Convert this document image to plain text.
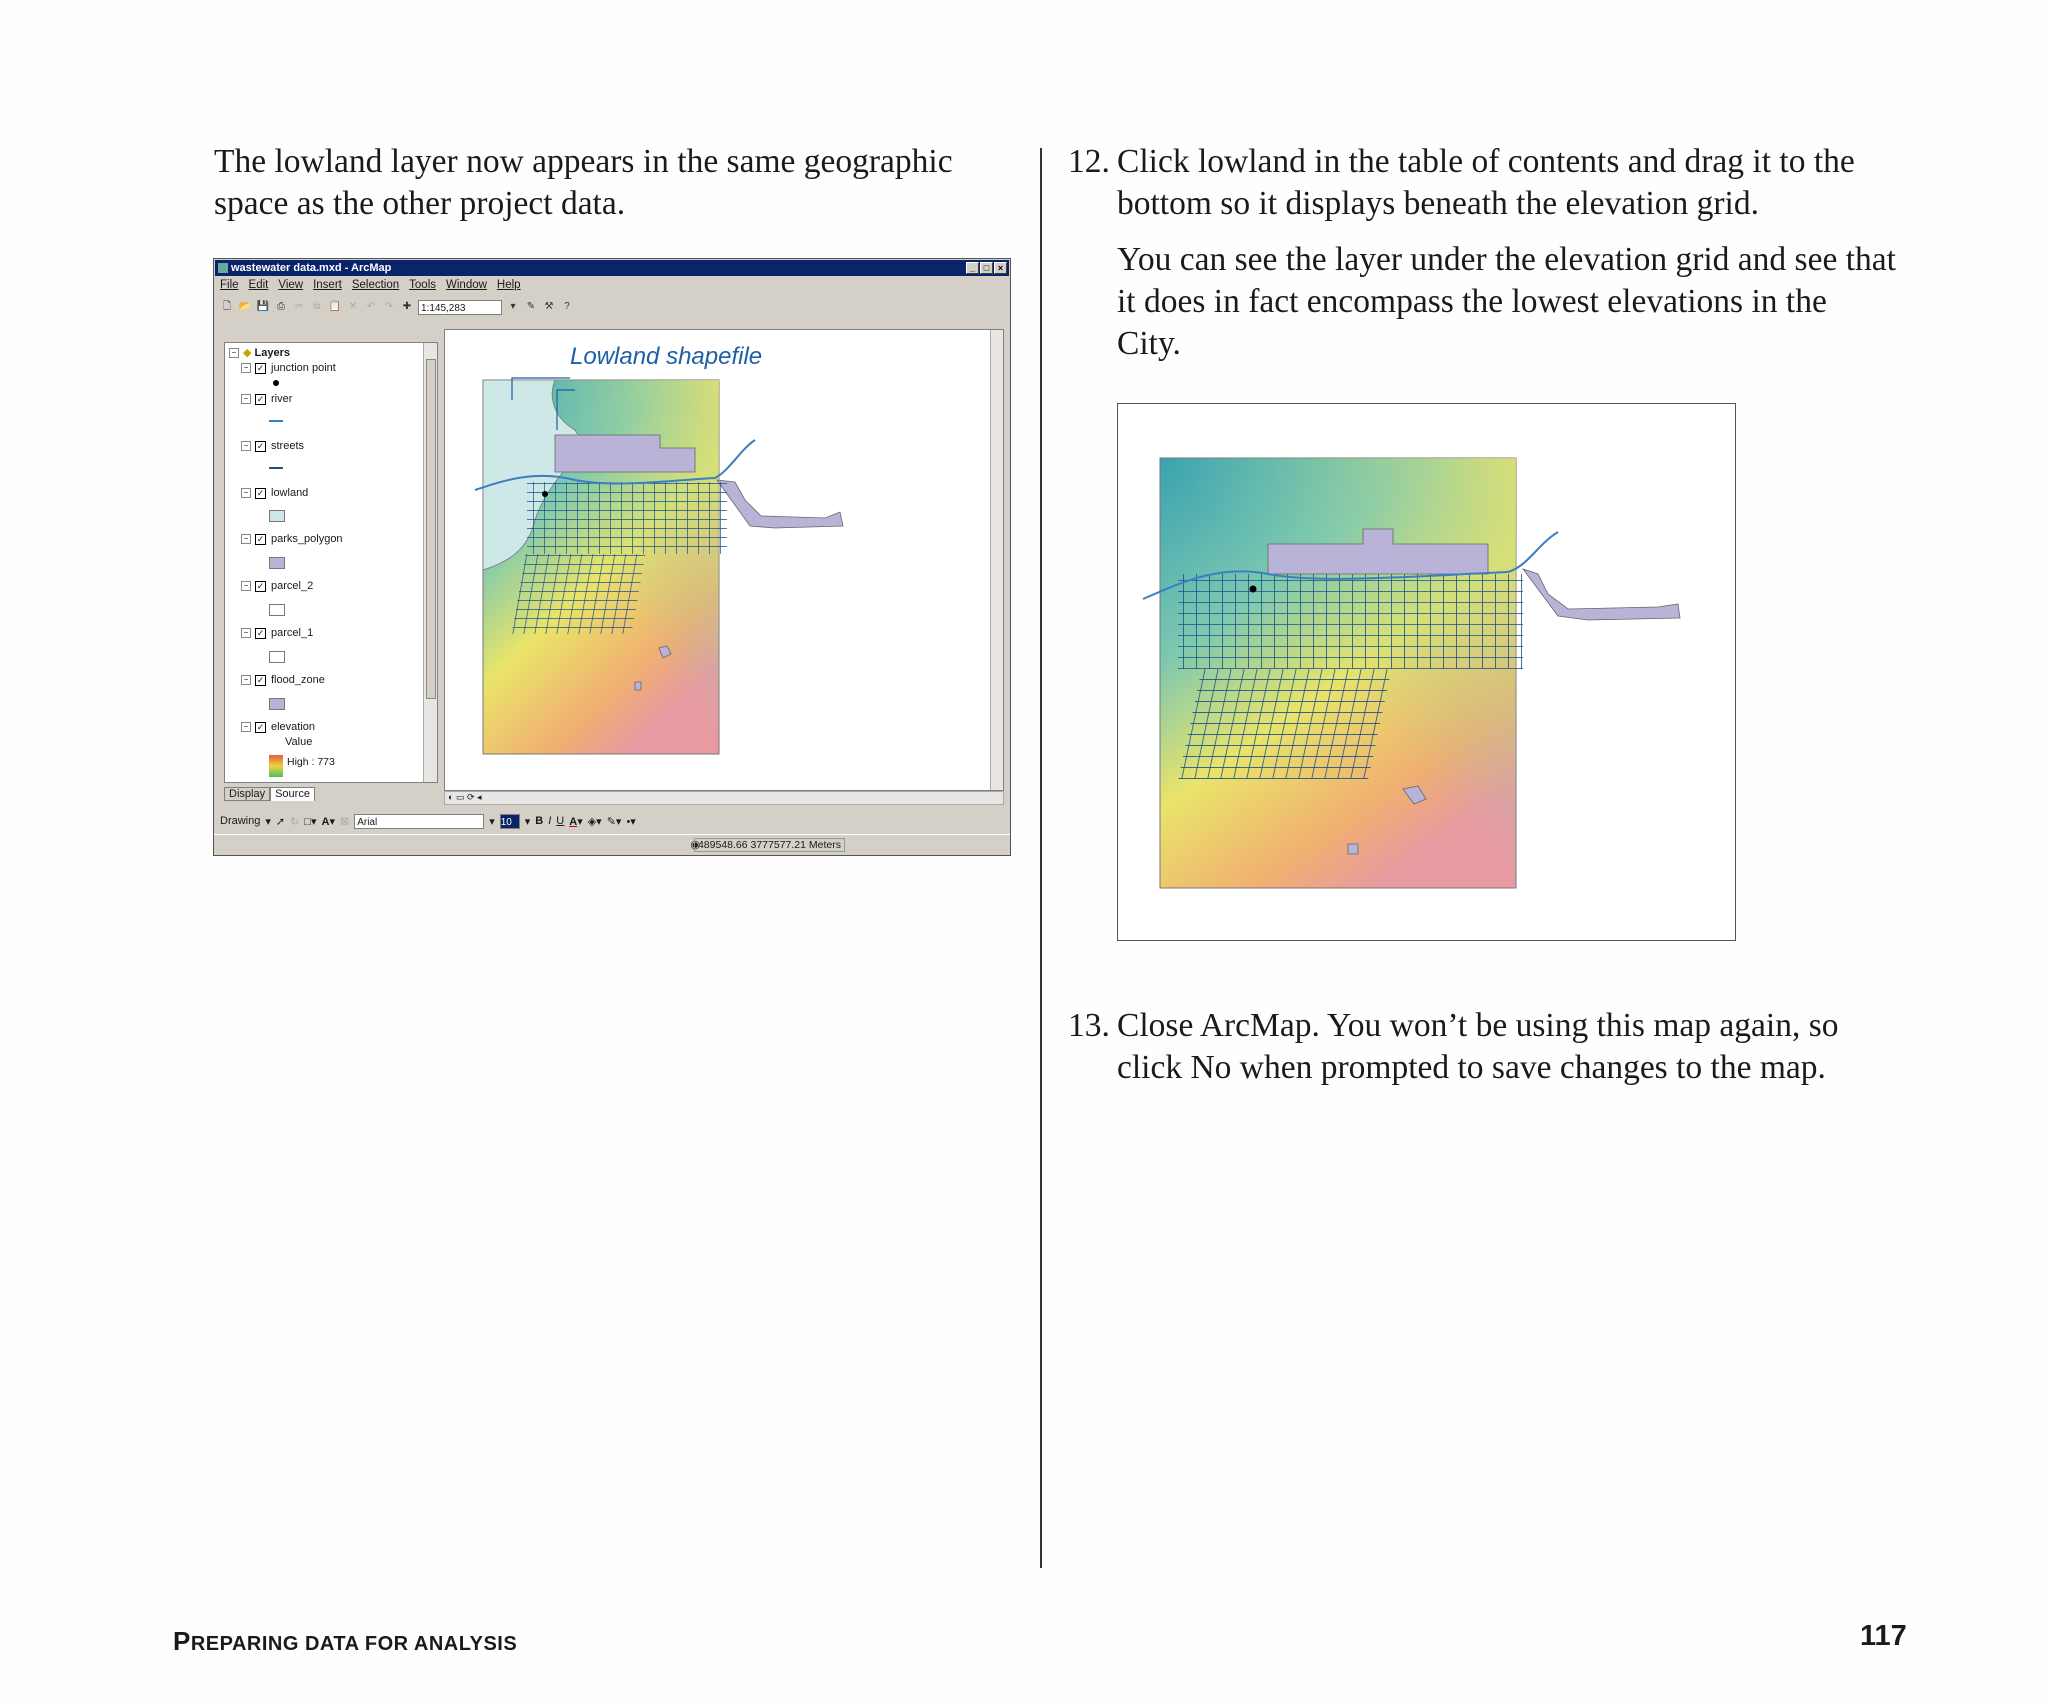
The lowland layer now appears in the same geographic space as the other project data.

wastewater data.mxd - ArcMap	_ □ ×
File Edit View Insert Selection Tools Window Help
🗋 📂 💾 ⎙ ✂	⧉ 📋 ✕ ↶ ↷ ✚ 1:145,283	▾	✎ ⚒	?
− ◆ Layers
− ✓ junction point
− ✓ river
− ✓ streets
− ✓ lowland
− ✓ parks_polygon
− ✓ parcel_2
− ✓ parcel_1
− ✓ flood_zone
− ✓ elevation
Value
High : 773
Display Source
Lowland shapefile
◐ ▭ ⟳ ◂
Drawing ▾ ➚ ↻ □▾ A▾ ⊠ Arial	▾ 10	▾ B I U A▾ ◈▾ ✎▾ •▾
◉
489548.66 3777577.21 Meters
12. Click lowland in the table of contents and drag it to the bottom so it displays beneath the elevation grid.

You can see the layer under the elevation grid and see that it does in fact encompass the lowest elevations in the City.

13. Close ArcMap. You won’t be using this map again, so click No when prompted to save changes to the map.

PREPARING DATA FOR ANALYSIS	117
